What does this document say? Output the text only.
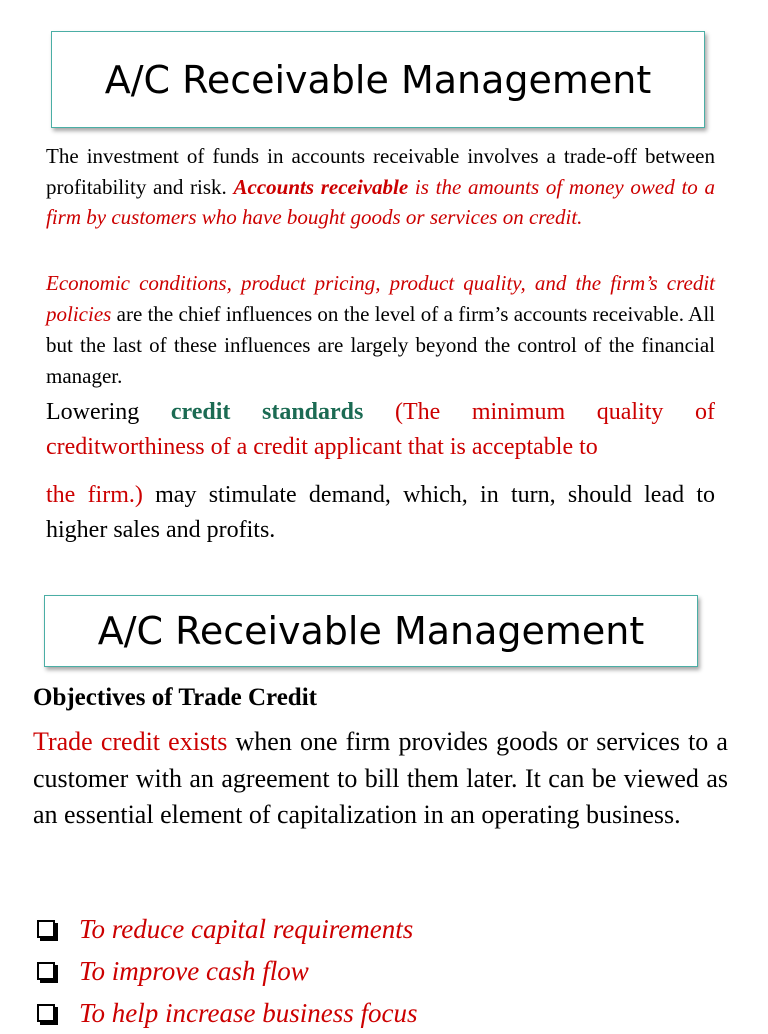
A/C Receivable Management

The investment of funds in accounts receivable involves a trade-off between profitability and risk. Accounts receivable is the amounts of money owed to a firm by customers who have bought goods or services on credit.

Economic conditions, product pricing, product quality, and the firm’s credit policies are the chief influences on the level of a firm’s accounts receivable. All but the last of these influences are largely beyond the control of the financial manager.

Lowering credit standards (The minimum quality of creditworthiness of a credit applicant that is acceptable to
the firm.) may stimulate demand, which, in turn, should lead to higher sales and profits.

A/C Receivable Management

Objectives of Trade Credit

Trade credit exists when one firm provides goods or services to a customer with an agreement to bill them later. It can be viewed as an essential element of capitalization in an operating business.

To reduce capital requirements
To improve cash flow
To help increase business focus
